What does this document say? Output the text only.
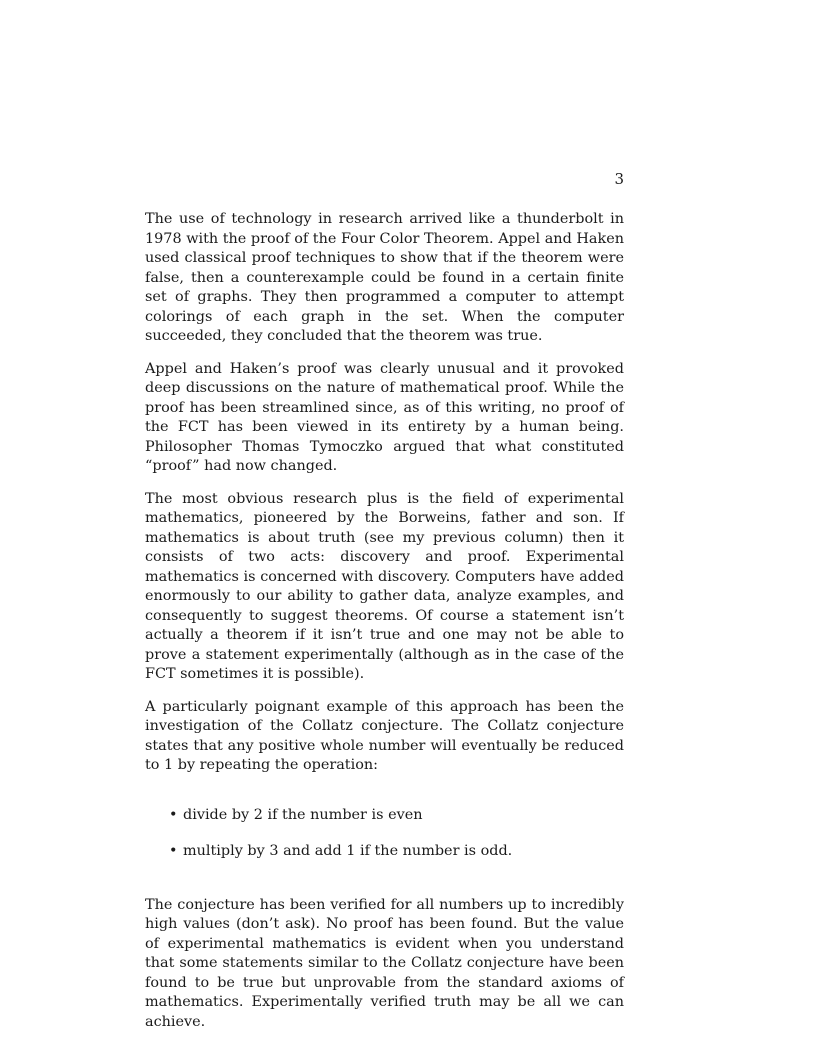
3

The use of technology in research arrived like a thunderbolt in 1978 with the proof of the Four Color Theorem. Appel and Haken used classical proof techniques to show that if the theorem were false, then a counterexample could be found in a certain finite set of graphs. They then programmed a computer to attempt colorings of each graph in the set. When the computer succeeded, they concluded that the theorem was true.

Appel and Haken’s proof was clearly unusual and it provoked deep discussions on the nature of mathematical proof. While the proof has been streamlined since, as of this writing, no proof of the FCT has been viewed in its entirety by a human being. Philosopher Thomas Tymoczko argued that what constituted “proof” had now changed.

The most obvious research plus is the field of experimental mathematics, pioneered by the Borweins, father and son. If mathematics is about truth (see my previous column) then it consists of two acts: discovery and proof. Experimental mathematics is concerned with discovery. Computers have added enormously to our ability to gather data, analyze examples, and consequently to suggest theorems. Of course a statement isn’t actually a theorem if it isn’t true and one may not be able to prove a statement experimentally (although as in the case of the FCT sometimes it is possible).

A particularly poignant example of this approach has been the investigation of the Collatz conjecture. The Collatz conjecture states that any positive whole number will eventually be reduced to 1 by repeating the operation:

• divide by 2 if the number is even
• multiply by 3 and add 1 if the number is odd.

The conjecture has been verified for all numbers up to incredibly high values (don’t ask). No proof has been found. But the value of experimental mathematics is evident when you understand that some statements similar to the Collatz conjecture have been found to be true but unprovable from the standard axioms of mathematics. Experimentally verified truth may be all we can achieve.
